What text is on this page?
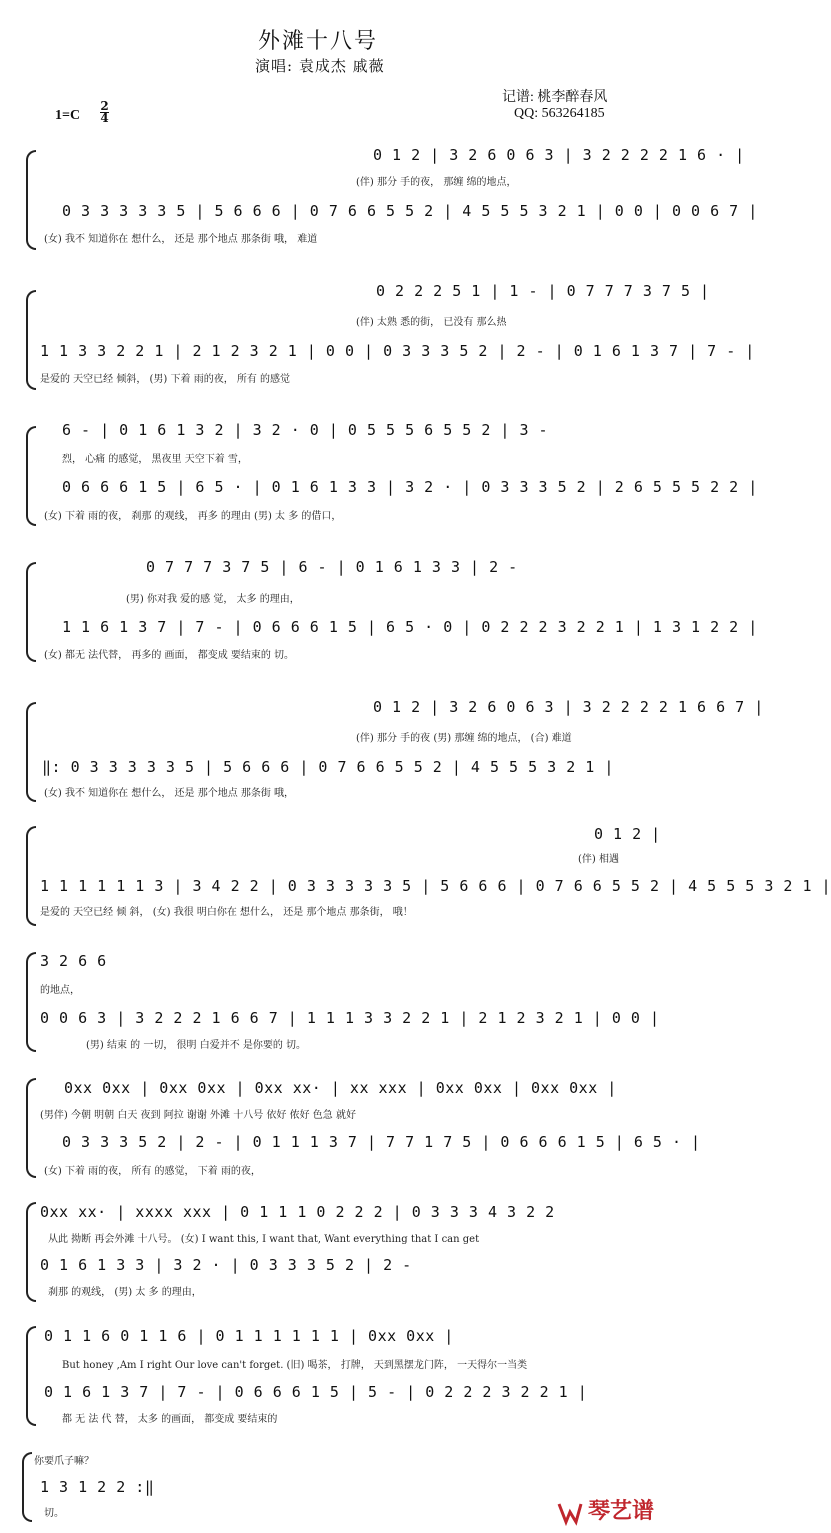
外滩十八号
演唱: 袁成杰 戚薇
记谱: 桃李醉春风
QQ: 563264185
1=C
2
4
0 1 2 | 3 2 6 0 6 3 | 3 2 2 2 2 1 6 · |
(伴) 那分 手的夜， 那缠 绵的地点，
0 3 3 3 3 3 5 | 5 6 6 6 | 0 7 6 6 5 5 2 | 4 5 5 5 3 2 1 | 0 0 | 0 0 6 7 |
(女) 我不 知道你在 想什么， 还是 那个地点 那条街 哦， 难道
0 2 2 2 5 1 | 1 - | 0 7 7 7 3 7 5 |
(伴) 太熟 悉的街， 已没有 那么热
1 1 3 3 2 2 1 | 2 1 2 3 2 1 | 0 0 | 0 3 3 3 5 2 | 2 - | 0 1 6 1 3 7 | 7 - |
是爱的 天空已经 倾斜， (男) 下着 雨的夜， 所有 的感觉
6 - | 0 1 6 1 3 2 | 3 2 · 0 | 0 5 5 5 6 5 5 2 | 3 -
烈， 心痛 的感觉， 黑夜里 天空下着 雪，
0 6 6 6 1 5 | 6 5 · | 0 1 6 1 3 3 | 3 2 · | 0 3 3 3 5 2 | 2 6 5 5 5 2 2 |
(女) 下着 雨的夜， 刹那 的观线， 再多 的理由 (男) 太 多 的借口，
0 7 7 7 3 7 5 | 6 - | 0 1 6 1 3 3 | 2 -
(男) 你对我 爱的感 觉， 太多 的理由，
1 1 6 1 3 7 | 7 - | 0 6 6 6 1 5 | 6 5 · 0 | 0 2 2 2 3 2 2 1 | 1 3 1 2 2 |
(女) 都无 法代替， 再多的 画面， 都变成 要结束的 切。
0 1 2 | 3 2 6 0 6 3 | 3 2 2 2 2 1 6 6 7 |
(伴) 那分 手的夜 (男) 那缠 绵的地点， (合) 难道
‖: 0 3 3 3 3 3 5 | 5 6 6 6 | 0 7 6 6 5 5 2 | 4 5 5 5 3 2 1 |
(女) 我不 知道你在 想什么， 还是 那个地点 那条街 哦，
0 1 2 |
(伴) 相遇
1 1 1 1 1 1 3 | 3 4 2 2 | 0 3 3 3 3 3 5 | 5 6 6 6 | 0 7 6 6 5 5 2 | 4 5 5 5 3 2 1 |
是爱的 天空已经 倾 斜， (女) 我很 明白你在 想什么， 还是 那个地点 那条街， 哦！
3 2 6 6
的地点，
0 0 6 3 | 3 2 2 2 1 6 6 7 | 1 1 1 3 3 2 2 1 | 2 1 2 3 2 1 | 0 0 |
(男) 结束 的 一切， 很明 白爱并不 是你要的 切。
0xx 0xx | 0xx 0xx | 0xx xx· | xx xxx | 0xx 0xx | 0xx 0xx |
(男伴) 今朝 明朝 白天 夜到 阿拉 谢谢 外滩 十八号 依好 侬好 色急 就好
0 3 3 3 5 2 | 2 - | 0 1 1 1 3 7 | 7 7 1 7 5 | 0 6 6 6 1 5 | 6 5 · |
(女) 下着 雨的夜， 所有 的感觉， 下着 雨的夜，
0xx xx· | xxxx xxx | 0 1 1 1 0 2 2 2 | 0 3 3 3 4 3 2 2
从此 拗断 再会外滩 十八号。 (女) I want this, I want that, Want everything that I can get
0 1 6 1 3 3 | 3 2 · | 0 3 3 3 5 2 | 2 -
刹那 的观线， (男) 太 多 的理由，
0 1 1 6 0 1 1 6 | 0 1 1 1 1 1 1 | 0xx 0xx |
But honey ,Am I right Our love can't forget. (旧) 喝茶， 打牌， 天到黑摆龙门阵， 一天得尔一当类
0 1 6 1 3 7 | 7 - | 0 6 6 6 1 5 | 5 - | 0 2 2 2 3 2 2 1 |
都 无 法 代 替， 太多 的画面， 都变成 要结束的
你要爪子嘛？
1 3 1 2 2 :‖
切。	琴艺谱
